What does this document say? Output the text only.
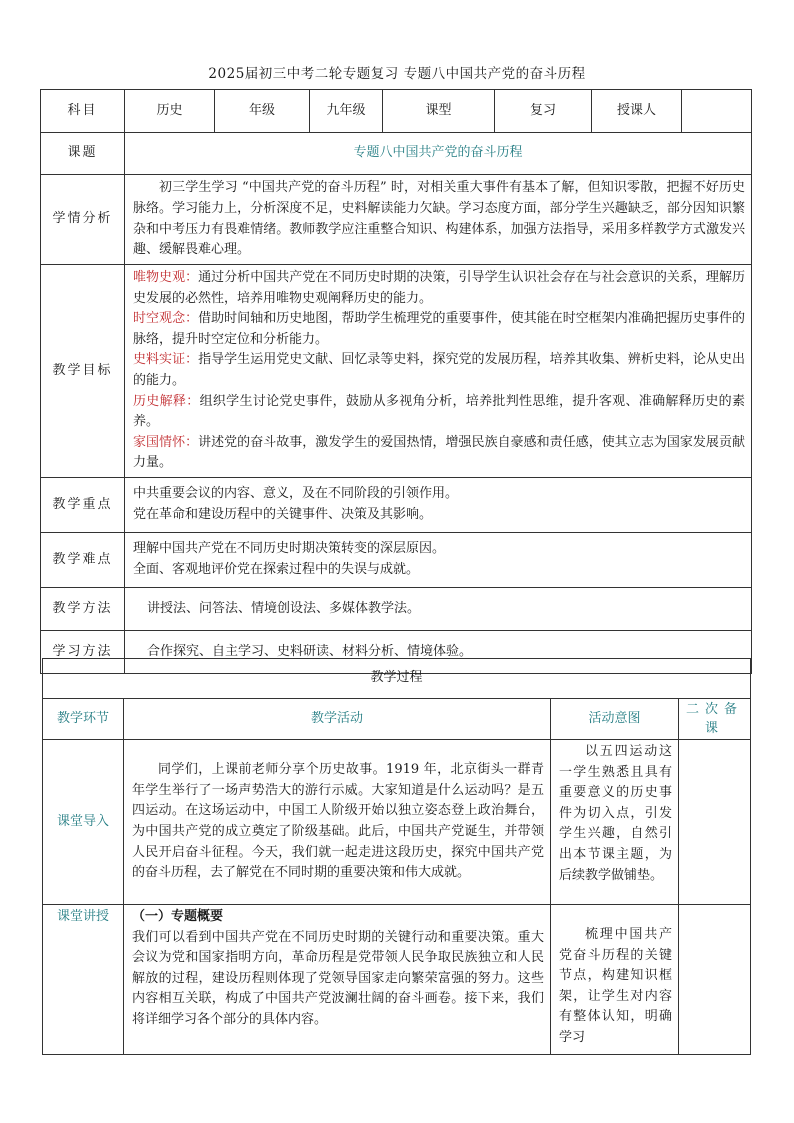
2025届初三中考二轮专题复习 专题八中国共产党的奋斗历程
科目	历史	年级	九年级	课型	复习	授课人	
课题	专题八中国共产党的奋斗历程						
学情分析	初三学生学习 “中国共产党的奋斗历程” 时，对相关重大事件有基本了解，但知识零散，把握不好历史脉络。学习能力上，分析深度不足，史料解读能力欠缺。学习态度方面，部分学生兴趣缺乏，部分因知识繁杂和中考压力有畏难情绪。教师教学应注重整合知识、构建体系，加强方法指导，采用多样教学方式激发兴趣、缓解畏难心理。						
教学目标	唯物史观：通过分析中国共产党在不同历史时期的决策，引导学生认识社会存在与社会意识的关系，理解历史发展的必然性，培养用唯物史观阐释历史的能力。
时空观念：借助时间轴和历史地图，帮助学生梳理党的重要事件，使其能在时空框架内准确把握历史事件的脉络，提升时空定位和分析能力。
史料实证：指导学生运用党史文献、回忆录等史料，探究党的发展历程，培养其收集、辨析史料，论从史出的能力。
历史解释：组织学生讨论党史事件，鼓励从多视角分析，培养批判性思维，提升客观、准确解释历史的素养。
家国情怀：讲述党的奋斗故事，激发学生的爱国热情，增强民族自豪感和责任感，使其立志为国家发展贡献力量。						

教学重点	中共重要会议的内容、意义，及在不同阶段的引领作用。
党在革命和建设历程中的关键事件、决策及其影响。						

教学难点	理解中国共产党在不同历史时期决策转变的深层原因。
全面、客观地评价党在探索过程中的失误与成就。						

教学方法	讲授法、问答法、情境创设法、多媒体教学法。						
学习方法	合作探究、自主学习、史料研读、材料分析、情境体验。						
教学过程			
教学环节	教学活动	活动意图	二次备课
课堂导入	同学们，上课前老师分享个历史故事。1919 年，北京街头一群青年学生举行了一场声势浩大的游行示威。大家知道是什么运动吗？是五四运动。在这场运动中，中国工人阶级开始以独立姿态登上政治舞台，为中国共产党的成立奠定了阶级基础。此后，中国共产党诞生，并带领人民开启奋斗征程。今天，我们就一起走进这段历史，探究中国共产党的奋斗历程，去了解党在不同时期的重要决策和伟大成就。	以五四运动这一学生熟悉且具有重要意义的历史事件为切入点，引发学生兴趣，自然引出本节课主题，为后续教学做铺垫。	
课堂讲授	（一）专题概要
我们可以看到中国共产党在不同历史时期的关键行动和重要决策。重大会议为党和国家指明方向，革命历程是党带领人民争取民族独立和人民解放的过程，建设历程则体现了党领导国家走向繁荣富强的努力。这些内容相互关联，构成了中国共产党波澜壮阔的奋斗画卷。接下来，我们将详细学习各个部分的具体内容。	梳理中国共产党奋斗历程的关键节点，构建知识框架，让学生对内容有整体认知，明确学习	
